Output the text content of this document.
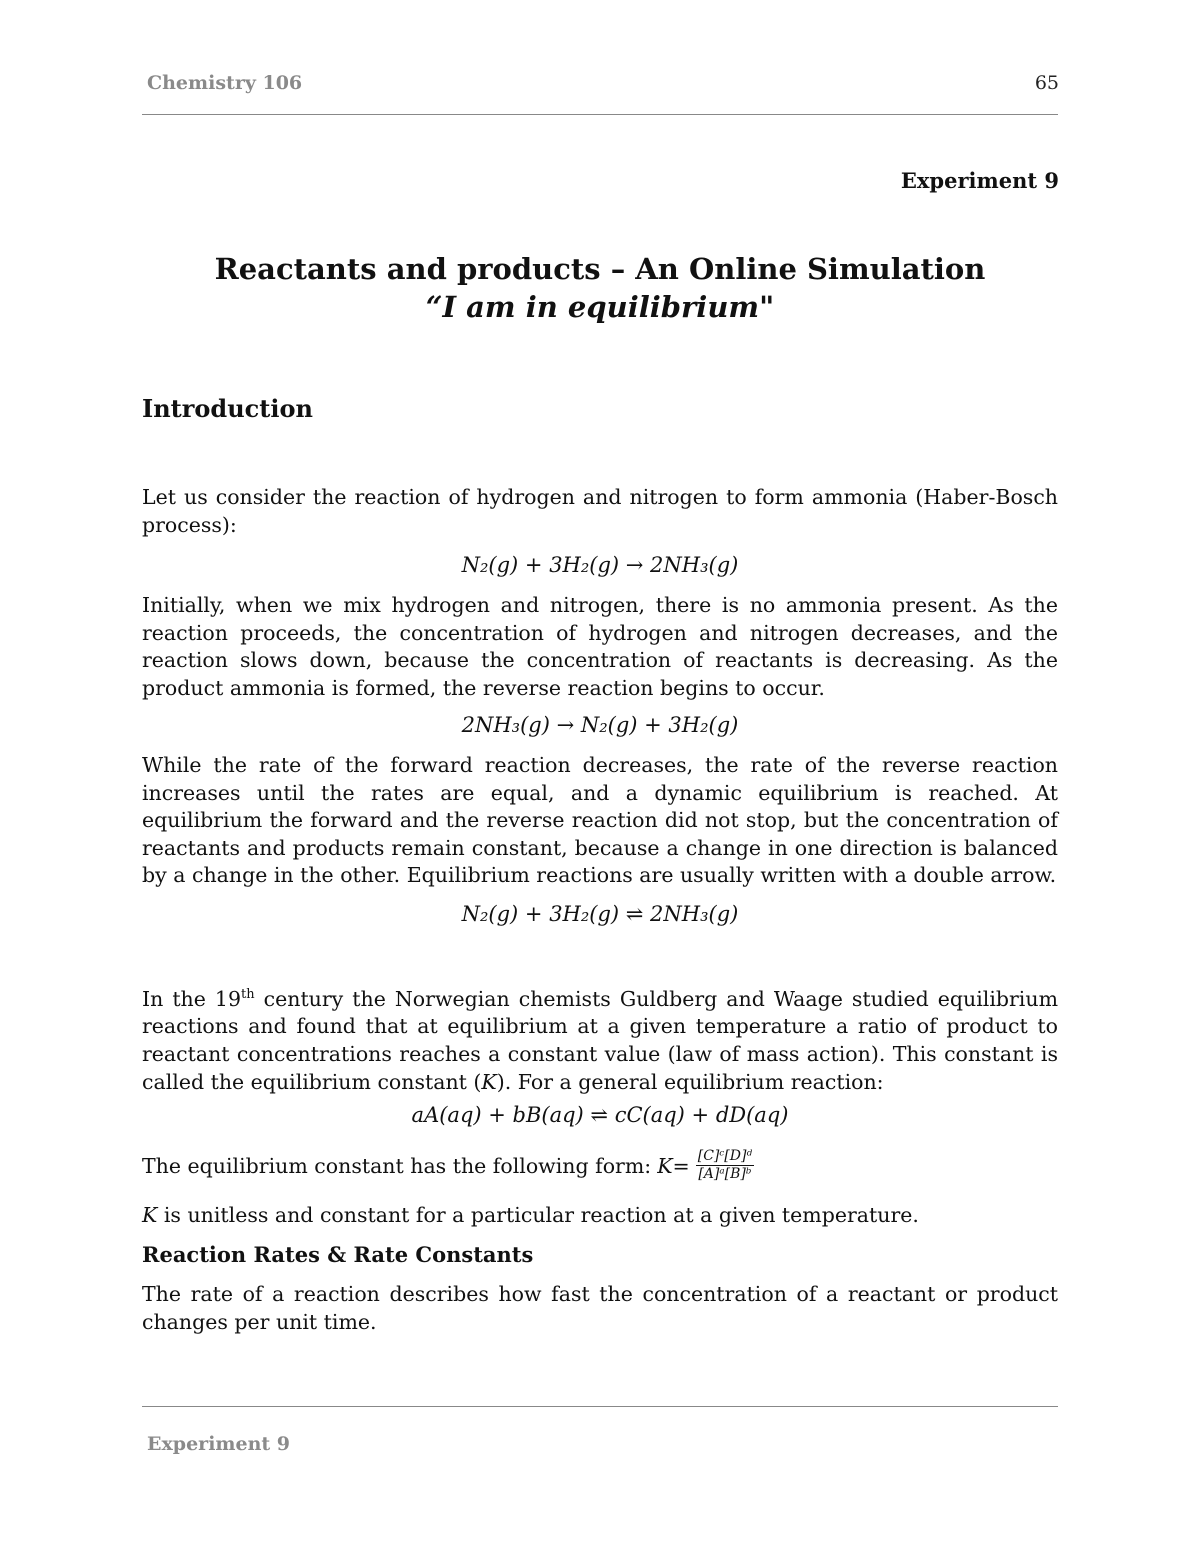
Chemistry 106	65
Experiment 9
Reactants and products – An Online Simulation
“I am in equilibrium"
Introduction
Let us consider the reaction of hydrogen and nitrogen to form ammonia (Haber-Bosch process):
N₂(g) + 3H₂(g) → 2NH₃(g)
Initially, when we mix hydrogen and nitrogen, there is no ammonia present. As the reaction proceeds, the concentration of hydrogen and nitrogen decreases, and the reaction slows down, because the concentration of reactants is decreasing. As the product ammonia is formed, the reverse reaction begins to occur.
2NH₃(g) → N₂(g) + 3H₂(g)
While the rate of the forward reaction decreases, the rate of the reverse reaction increases until the rates are equal, and a dynamic equilibrium is reached. At equilibrium the forward and the reverse reaction did not stop, but the concentration of reactants and products remain constant, because a change in one direction is balanced by a change in the other. Equilibrium reactions are usually written with a double arrow.
N₂(g) + 3H₂(g) ⇌ 2NH₃(g)
In the 19th century the Norwegian chemists Guldberg and Waage studied equilibrium reactions and found that at equilibrium at a given temperature a ratio of product to reactant concentrations reaches a constant value (law of mass action). This constant is called the equilibrium constant (K). For a general equilibrium reaction:
aA(aq) + bB(aq) ⇌ cC(aq) + dD(aq)
The equilibrium constant has the following form: $K = \frac{\text{[C]ᶜ[D]ᵈ}}{\text{[A]ᵃ[B]ᵇ}}$
K is unitless and constant for a particular reaction at a given temperature.
Reaction Rates & Rate Constants
The rate of a reaction describes how fast the concentration of a reactant or product changes per unit time.
Experiment 9
